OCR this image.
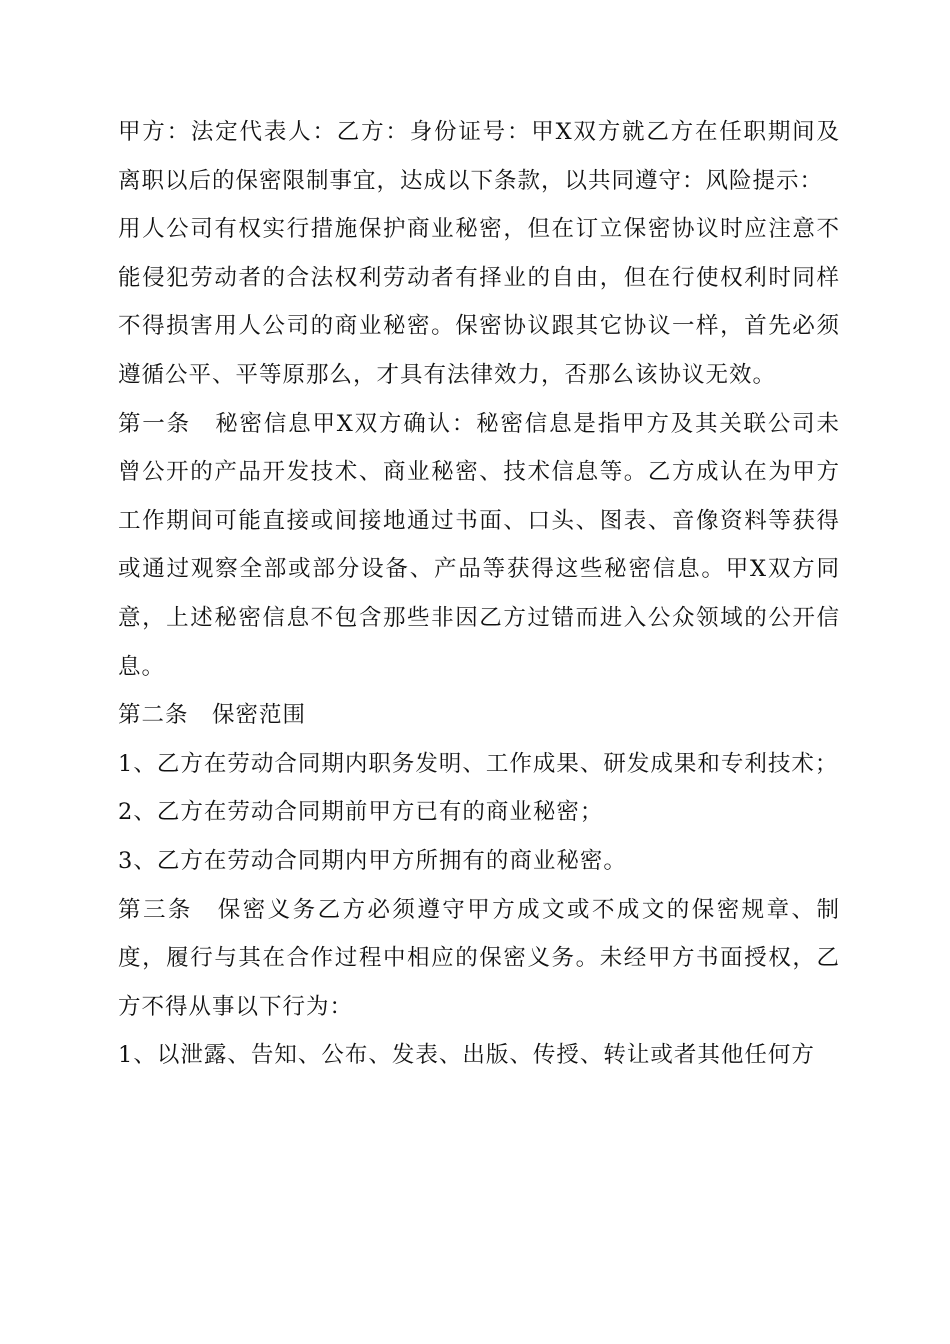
甲方：法定代表人：乙方：身份证号：甲X双方就乙方在任职期间及离职以后的保密限制事宜，达成以下条款，以共同遵守：风险提示：

用人公司有权实行措施保护商业秘密，但在订立保密协议时应注意不能侵犯劳动者的合法权利劳动者有择业的自由，但在行使权利时同样不得损害用人公司的商业秘密。保密协议跟其它协议一样，首先必须遵循公平、平等原那么，才具有法律效力，否那么该协议无效。

第一条　秘密信息甲X双方确认：秘密信息是指甲方及其关联公司未曾公开的产品开发技术、商业秘密、技术信息等。乙方成认在为甲方工作期间可能直接或间接地通过书面、口头、图表、音像资料等获得或通过观察全部或部分设备、产品等获得这些秘密信息。甲X双方同意，上述秘密信息不包含那些非因乙方过错而进入公众领域的公开信息。

第二条　保密范围

1、乙方在劳动合同期内职务发明、工作成果、研发成果和专利技术；

2、乙方在劳动合同期前甲方已有的商业秘密；

3、乙方在劳动合同期内甲方所拥有的商业秘密。

第三条　保密义务乙方必须遵守甲方成文或不成文的保密规章、制度，履行与其在合作过程中相应的保密义务。未经甲方书面授权，乙方不得从事以下行为：

1、以泄露、告知、公布、发表、出版、传授、转让或者其他任何方
